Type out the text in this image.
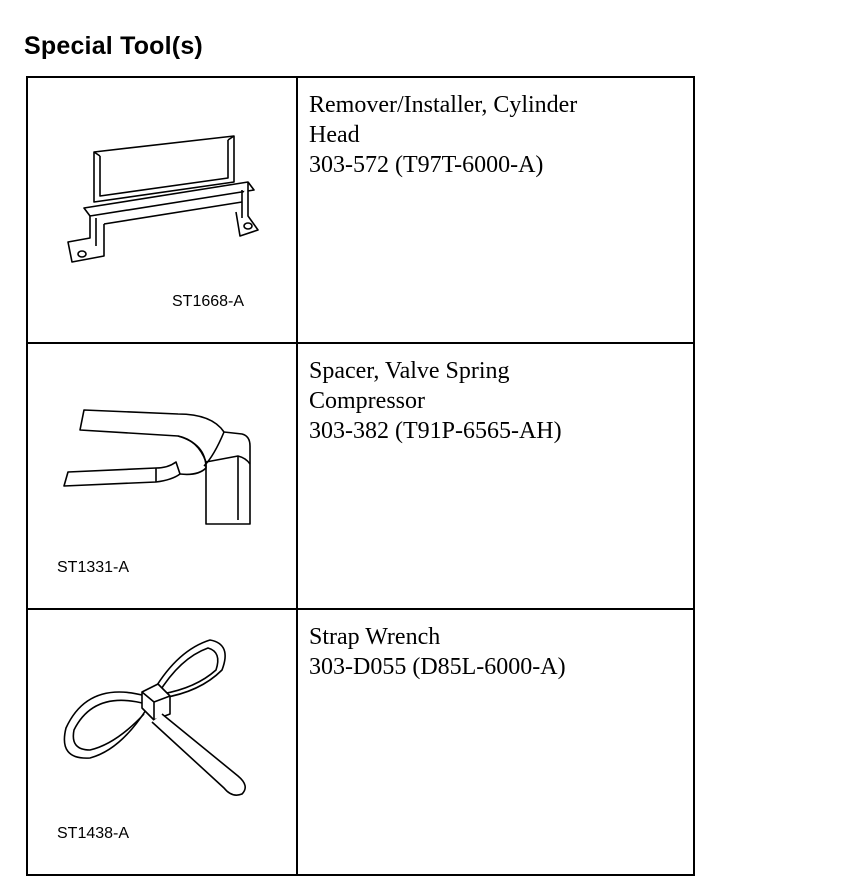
Special Tool(s)
ST1668-A	Remover/Installer, Cylinder
Head
303-572 (T97T-6000-A)

ST1331-A	Spacer, Valve Spring
Compressor
303-382 (T91P-6565-AH)

ST1438-A	Strap Wrench
303-D055 (D85L-6000-A)
